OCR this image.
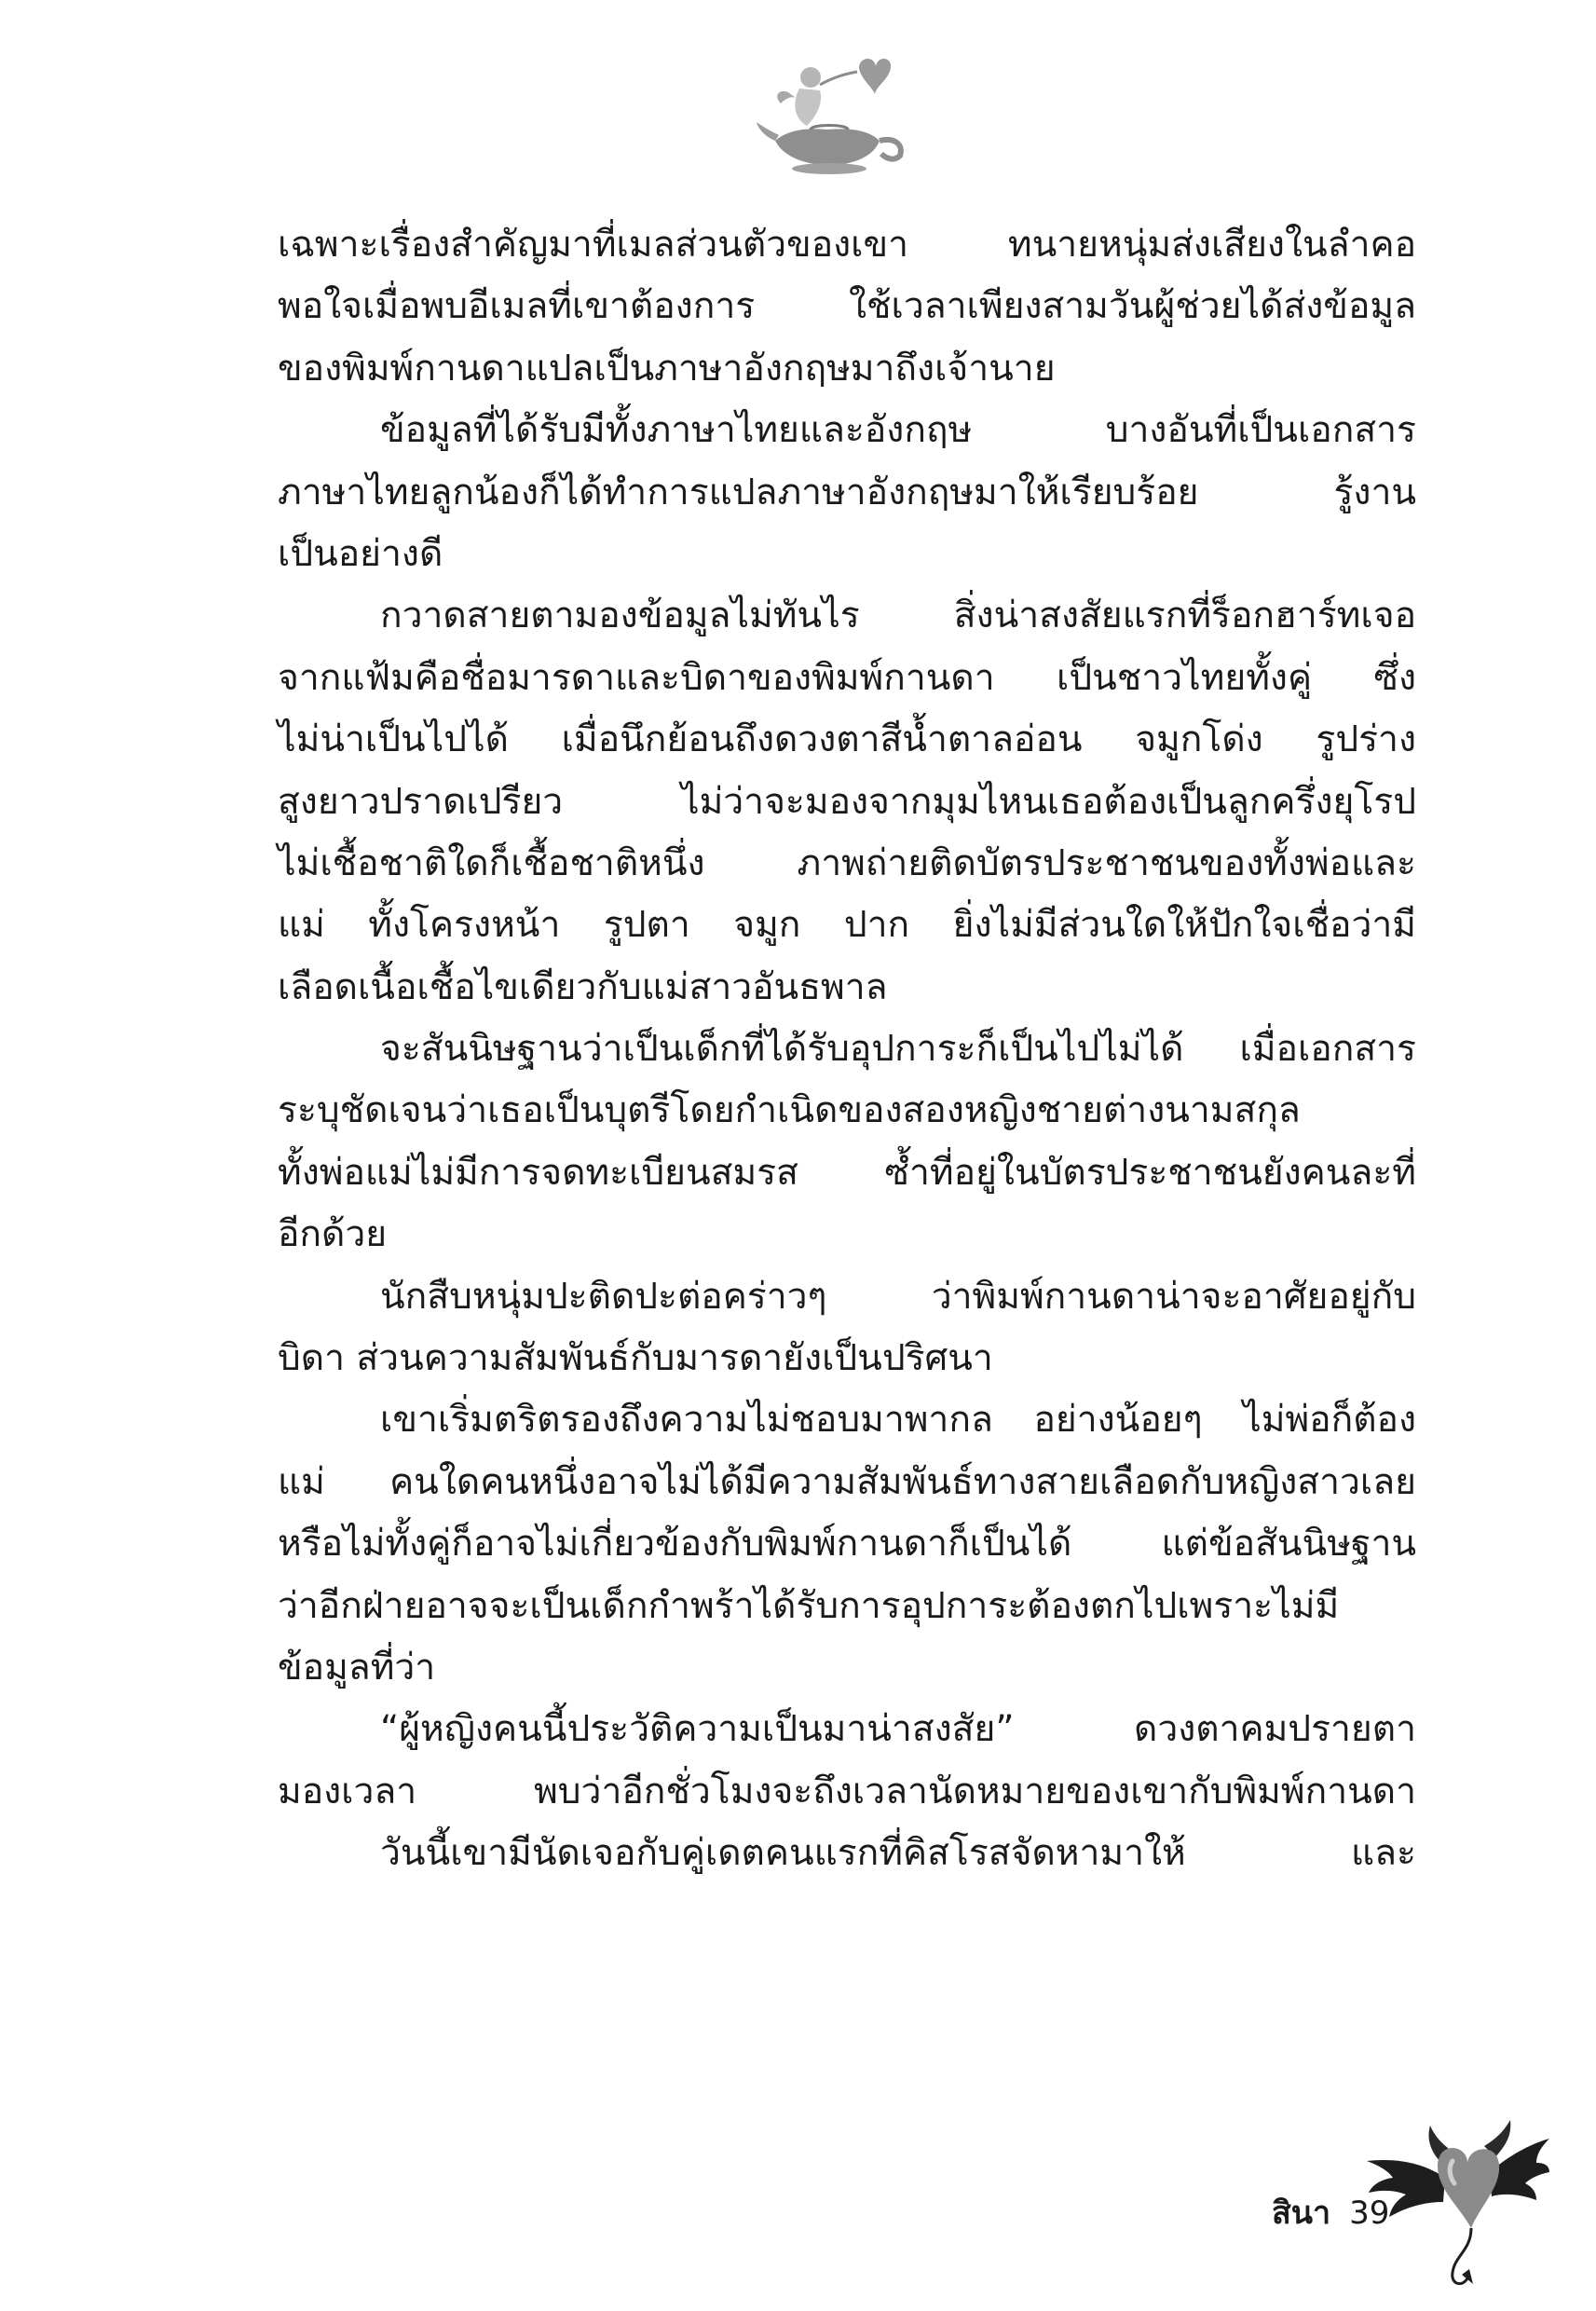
เฉพาะเรื่องสำคัญมาที่เมลส่วนตัวของเขา ทนายหนุ่มส่งเสียงในลำคอ
พอใจเมื่อพบอีเมลที่เขาต้องการ ใช้เวลาเพียงสามวันผู้ช่วยได้ส่งข้อมูล
ของพิมพ์กานดาแปลเป็นภาษาอังกฤษมาถึงเจ้านาย
ข้อมูลที่ได้รับมีทั้งภาษาไทยและอังกฤษ บางอันที่เป็นเอกสาร
ภาษาไทยลูกน้องก็ได้ทำการแปลภาษาอังกฤษมาให้เรียบร้อย รู้งาน
เป็นอย่างดี
กวาดสายตามองข้อมูลไม่ทันไร สิ่งน่าสงสัยแรกที่ร็อกฮาร์ทเจอ
จากแฟ้มคือชื่อมารดาและบิดาของพิมพ์กานดา เป็นชาวไทยทั้งคู่ ซึ่ง
ไม่น่าเป็นไปได้ เมื่อนึกย้อนถึงดวงตาสีน้ำตาลอ่อน จมูกโด่ง รูปร่าง
สูงยาวปราดเปรียว ไม่ว่าจะมองจากมุมไหนเธอต้องเป็นลูกครึ่งยุโรป
ไม่เชื้อชาติใดก็เชื้อชาติหนึ่ง ภาพถ่ายติดบัตรประชาชนของทั้งพ่อและ
แม่ ทั้งโครงหน้า รูปตา จมูก ปาก ยิ่งไม่มีส่วนใดให้ปักใจเชื่อว่ามี
เลือดเนื้อเชื้อไขเดียวกับแม่สาวอันธพาล
จะสันนิษฐานว่าเป็นเด็กที่ได้รับอุปการะก็เป็นไปไม่ได้ เมื่อเอกสาร
ระบุชัดเจนว่าเธอเป็นบุตรีโดยกำเนิดของสองหญิงชายต่างนามสกุล
ทั้งพ่อแม่ไม่มีการจดทะเบียนสมรส ซ้ำที่อยู่ในบัตรประชาชนยังคนละที่
อีกด้วย
นักสืบหนุ่มปะติดปะต่อคร่าวๆ ว่าพิมพ์กานดาน่าจะอาศัยอยู่กับ
บิดา ส่วนความสัมพันธ์กับมารดายังเป็นปริศนา
เขาเริ่มตริตรองถึงความไม่ชอบมาพากล อย่างน้อยๆ ไม่พ่อก็ต้อง
แม่ คนใดคนหนึ่งอาจไม่ได้มีความสัมพันธ์ทางสายเลือดกับหญิงสาวเลย
หรือไม่ทั้งคู่ก็อาจไม่เกี่ยวข้องกับพิมพ์กานดาก็เป็นได้ แต่ข้อสันนิษฐาน
ว่าอีกฝ่ายอาจจะเป็นเด็กกำพร้าได้รับการอุปการะต้องตกไปเพราะไม่มี
ข้อมูลที่ว่า
“ผู้หญิงคนนี้ประวัติความเป็นมาน่าสงสัย” ดวงตาคมปรายตา
มองเวลา พบว่าอีกชั่วโมงจะถึงเวลานัดหมายของเขากับพิมพ์กานดา
วันนี้เขามีนัดเจอกับคู่เดตคนแรกที่คิสโรสจัดหามาให้ และ
สินา 39
